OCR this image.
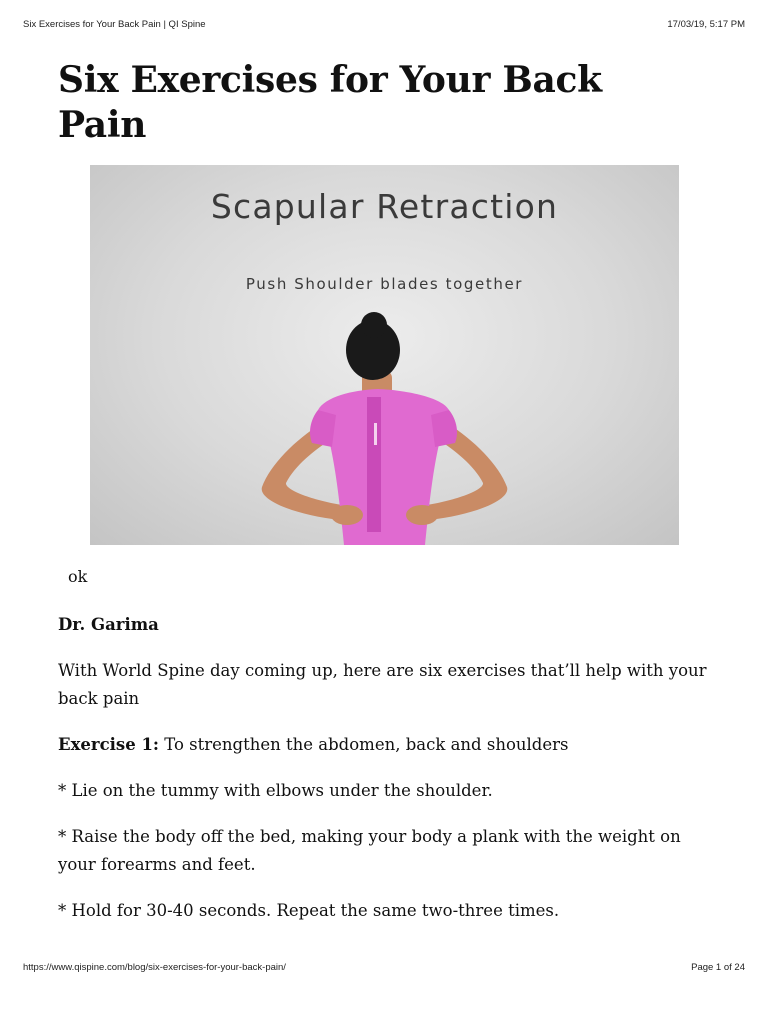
Six Exercises for Your Back Pain | QI Spine	17/03/19, 5:17 PM
Six Exercises for Your Back Pain
Scapular Retraction
Push Shoulder blades together
ok

Dr. Garima

With World Spine day coming up, here are six exercises that’ll help with your back pain

Exercise 1: To strengthen the abdomen, back and shoulders

* Lie on the tummy with elbows under the shoulder.

* Raise the body off the bed, making your body a plank with the weight on your forearms and feet.

* Hold for 30-40 seconds. Repeat the same two-three times.

https://www.qispine.com/blog/six-exercises-for-your-back-pain/	Page 1 of 24
